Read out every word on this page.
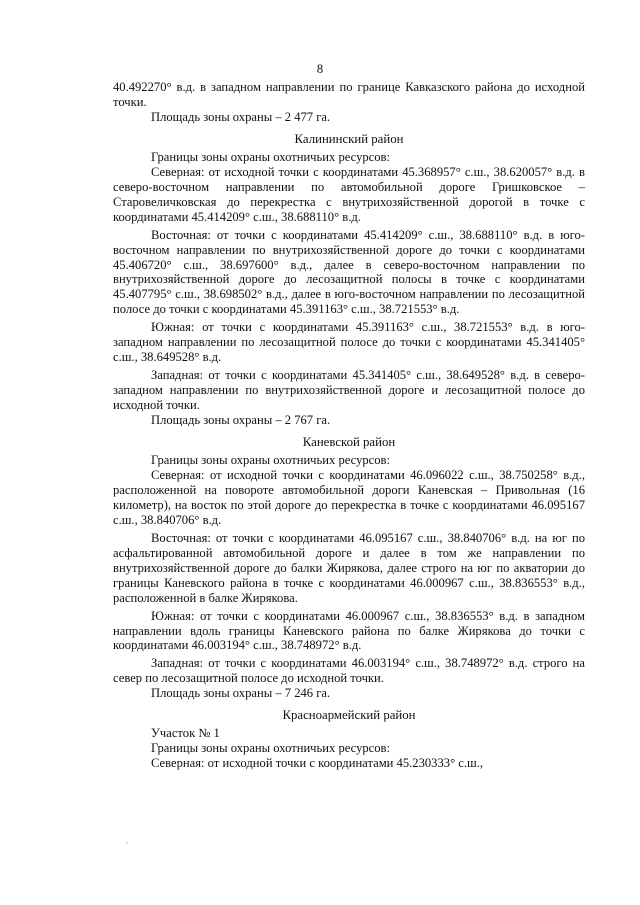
8

40.492270° в.д. в западном направлении по границе Кавказского района до исходной точки.

Площадь зоны охраны – 2 477 га.

Калининский район

Границы зоны охраны охотничьих ресурсов:

Северная: от исходной точки с координатами 45.368957° с.ш., 38.620057° в.д. в северо-восточном направлении по автомобильной дороге Гришковское – Старовеличковская до перекрестка с внутрихозяйственной дорогой в точке с координатами 45.414209° с.ш., 38.688110° в.д.

Восточная: от точки с координатами 45.414209° с.ш., 38.688110° в.д. в юго-восточном направлении по внутрихозяйственной дороге до точки с координатами 45.406720° с.ш., 38.697600° в.д., далее в северо-восточном направлении по внутрихозяйственной дороге до лесозащитной полосы в точке с координатами 45.407795° с.ш., 38.698502° в.д., далее в юго-восточном направлении по лесозащитной полосе до точки с координатами 45.391163° с.ш., 38.721553° в.д.

Южная: от точки с координатами 45.391163° с.ш., 38.721553° в.д. в юго-западном направлении по лесозащитной полосе до точки с координатами 45.341405° с.ш., 38.649528° в.д.

Западная: от точки с координатами 45.341405° с.ш., 38.649528° в.д. в северо-западном направлении по внутрихозяйственной дороге и лесозащитной полосе до исходной точки.

Площадь зоны охраны – 2 767 га.

Каневской район

Границы зоны охраны охотничьих ресурсов:

Северная: от исходной точки с координатами 46.096022 с.ш., 38.750258° в.д., расположенной на повороте автомобильной дороги Каневская – Привольная (16 километр), на восток по этой дороге до перекрестка в точке с координатами 46.095167 с.ш., 38.840706° в.д.

Восточная: от точки с координатами 46.095167 с.ш., 38.840706° в.д. на юг по асфальтированной автомобильной дороге и далее в том же направлении по внутрихозяйственной дороге до балки Жирякова, далее строго на юг по акватории до границы Каневского района в точке с координатами 46.000967 с.ш., 38.836553° в.д., расположенной в балке Жирякова.

Южная: от точки с координатами 46.000967 с.ш., 38.836553° в.д. в западном направлении вдоль границы Каневского района по балке Жирякова до точки с координатами 46.003194° с.ш., 38.748972° в.д.

Западная: от точки с координатами 46.003194° с.ш., 38.748972° в.д. строго на север по лесозащитной полосе до исходной точки.

Площадь зоны охраны – 7 246 га.

Красноармейский район

Участок № 1

Границы зоны охраны охотничьих ресурсов:

Северная: от исходной точки с координатами 45.230333° с.ш.,
